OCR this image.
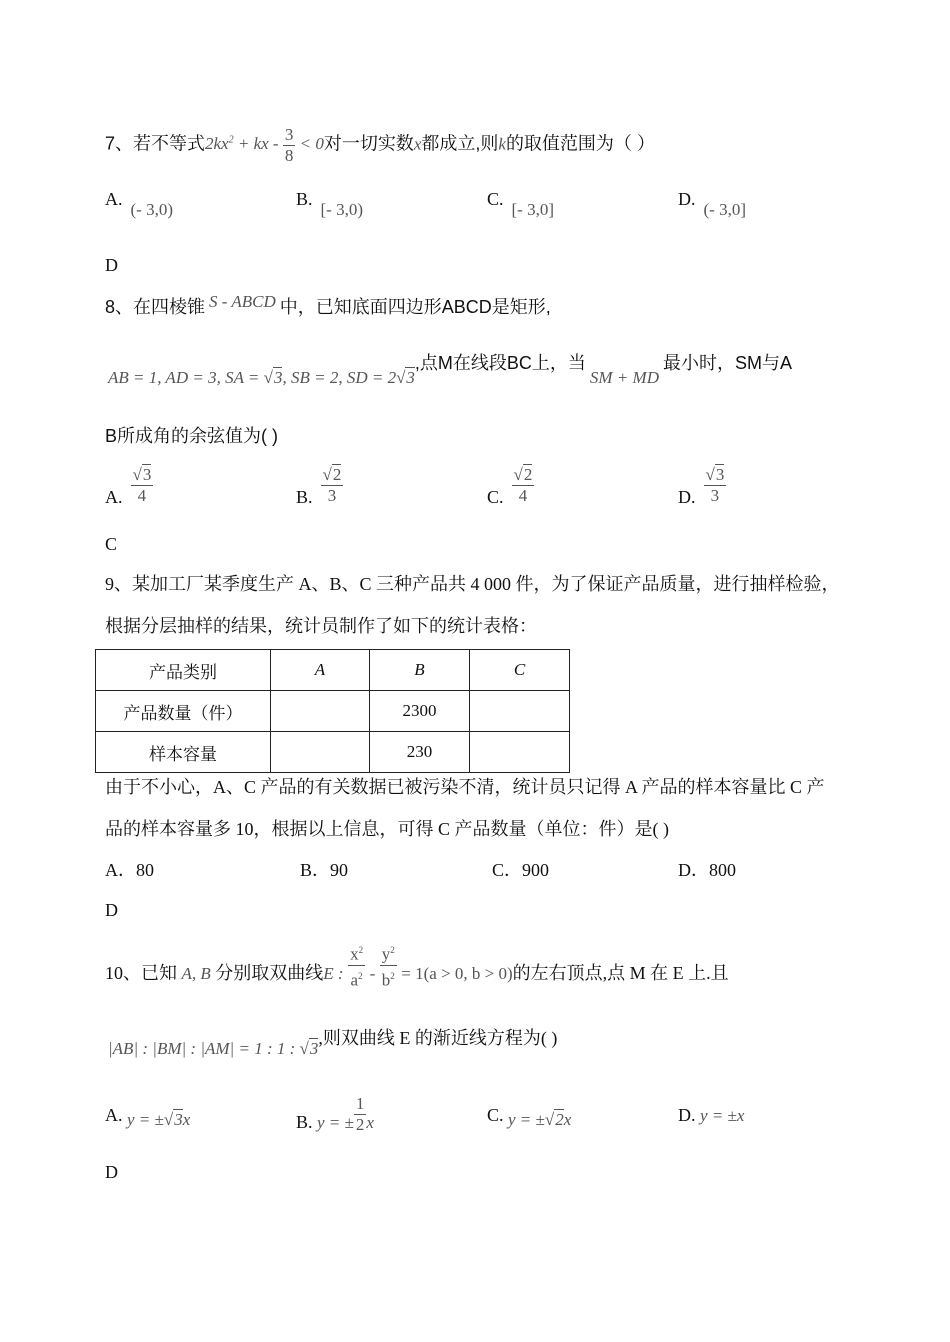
7、若不等式$2kx^2$ + kx - $\frac{3}{8} < 0$对一切实数x都成立,则k的取值范围为（ ）
A.(- 3,0)
B.[- 3,0)
C.[- 3,0]
D.(- 3,0]
D
8、在四棱锥 S - ABCD 中，已知底面四边形ABCD是矩形,
AB = 1, AD = 3, SA = √3, SB = 2, SD = 2√3,点M在线段BC上，当SM + MD最小时，SM与A
B所成角的余弦值为( )
A. $\frac{√3}{4}$	B. $\frac{√2}{3}$	C. $\frac{√2}{4}$	D. $\frac{√3}{3}$
C
9、某加工厂某季度生产 A、B、C 三种产品共 4 000 件，为了保证产品质量，进行抽样检验，
根据分层抽样的结果，统计员制作了如下的统计表格：
产品类别	A	B	C
产品数量（件）		2300	
样本容量		230	
由于不小心，A、C 产品的有关数据已被污染不清，统计员只记得 A 产品的样本容量比 C 产
品的样本容量多 10，根据以上信息，可得 C 产品数量（单位：件）是( )
A．80	B．90	C．900	D．800
D
10、已知 A, B 分别取双曲线E : $\frac{x^2}{a^2} - \frac{y^2}{b^2} = 1(a > 0$, b > 0)的左右顶点,点 M 在 E 上.且
|AB| : |BM| : |AM| = 1 : 1 : √3,则双曲线 E 的渐近线方程为( )
A. y = ±√3x	B. y = ± $\frac{1}{2}$ x	C. y = ±√2x	D. y = ±x
D
